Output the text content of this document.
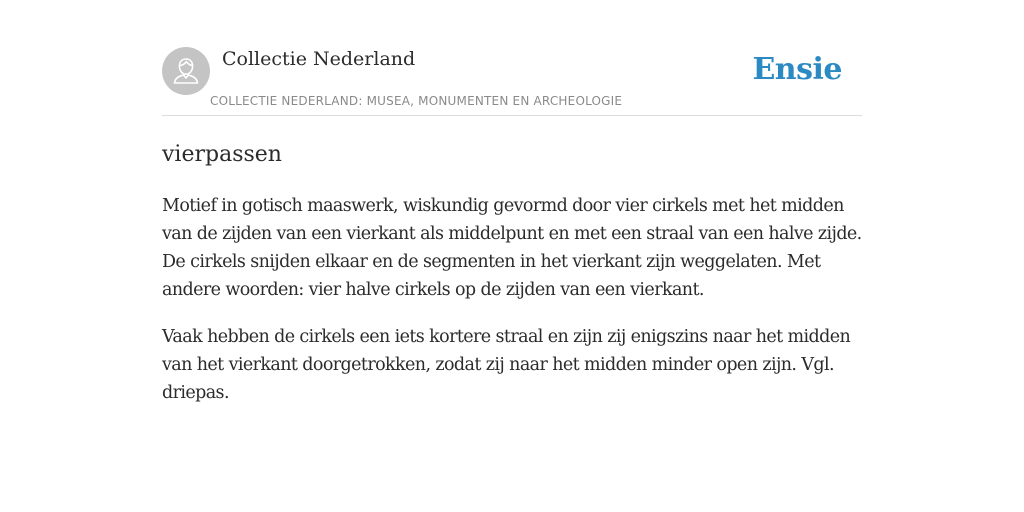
Collectie Nederland
COLLECTIE NEDERLAND: MUSEA, MONUMENTEN EN ARCHEOLOGIE
Ensie
vierpassen

Motief in gotisch maaswerk, wiskundig gevormd door vier cirkels met het midden van de zijden van een vierkant als middelpunt en met een straal van een halve zijde. De cirkels snijden elkaar en de segmenten in het vierkant zijn weggelaten. Met andere woorden: vier halve cirkels op de zijden van een vierkant.

Vaak hebben de cirkels een iets kortere straal en zijn zij enigszins naar het midden van het vierkant doorgetrokken, zodat zij naar het midden minder open zijn. Vgl. driepas.
